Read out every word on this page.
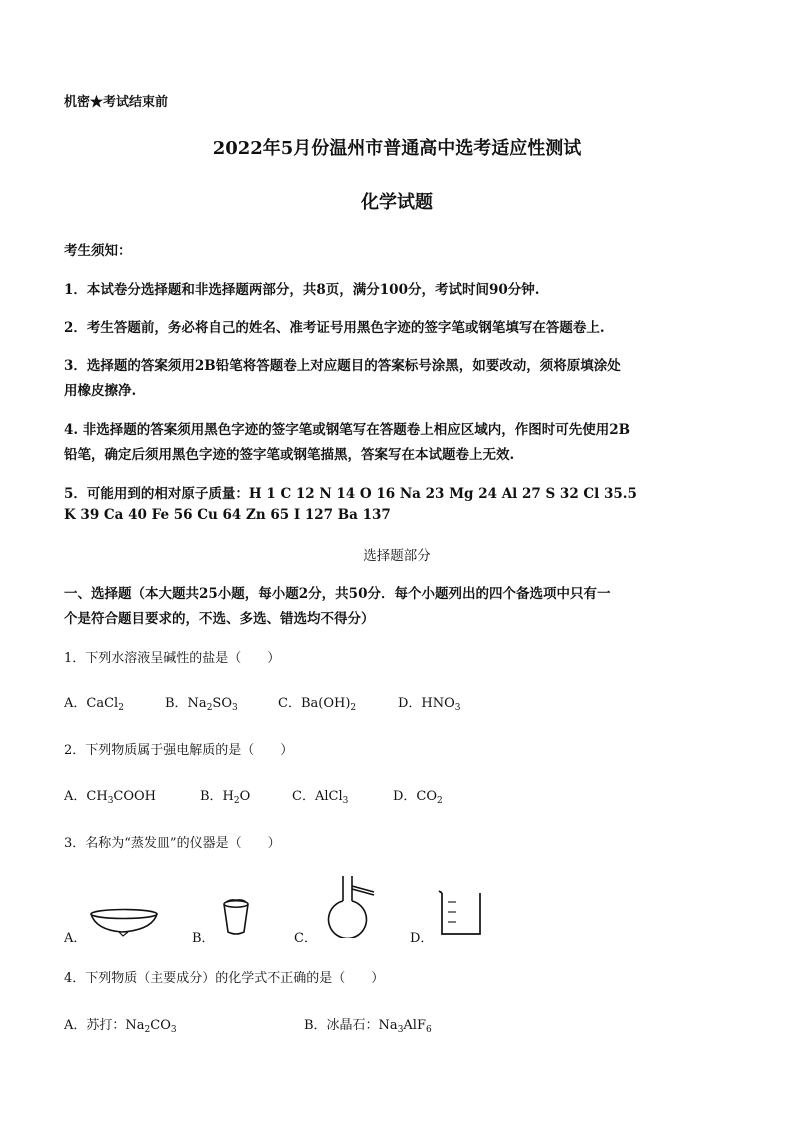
机密★考试结束前
2022年5月份温州市普通高中选考适应性测试
化学试题
考生须知：
1．本试卷分选择题和非选择题两部分，共8页，满分100分，考试时间90分钟.
2．考生答题前，务必将自己的姓名、准考证号用黑色字迹的签字笔或钢笔填写在答题卷上.
3．选择题的答案须用2B铅笔将答题卷上对应题目的答案标号涂黑，如要改动，须将原填涂处
用橡皮擦净.
4. 非选择题的答案须用黑色字迹的签字笔或钢笔写在答题卷上相应区域内，作图时可先使用2B
铅笔，确定后须用黑色字迹的签字笔或钢笔描黑，答案写在本试题卷上无效.
5．可能用到的相对原子质量：H 1 C 12 N 14 O 16 Na 23 Mg 24 Al 27 S 32 Cl 35.5
K 39 Ca 40 Fe 56 Cu 64 Zn 65 I 127 Ba 137
选择题部分
一、选择题（本大题共25小题，每小题2分，共50分．每个小题列出的四个备选项中只有一
个是符合题目要求的，不选、多选、错选均不得分）
1．下列水溶液呈碱性的盐是（　　）
A．CaCl$_2$	B．$Na_2SO_3$	C．$Ba(OH)_2$	D．$HNO_3$
2．下列物质属于强电解质的是（　　）
A．$CH_3COOH$	B．$H_2O$	C．AlCl$_3$	D．$CO_2$
3．名称为“蒸发皿”的仪器是（　　）
A．	B．	C．	D．
4．下列物质（主要成分）的化学式不正确的是（　　）
A．苏打：$Na_2CO_3$	B．冰晶石：$Na_3AlF_6$
